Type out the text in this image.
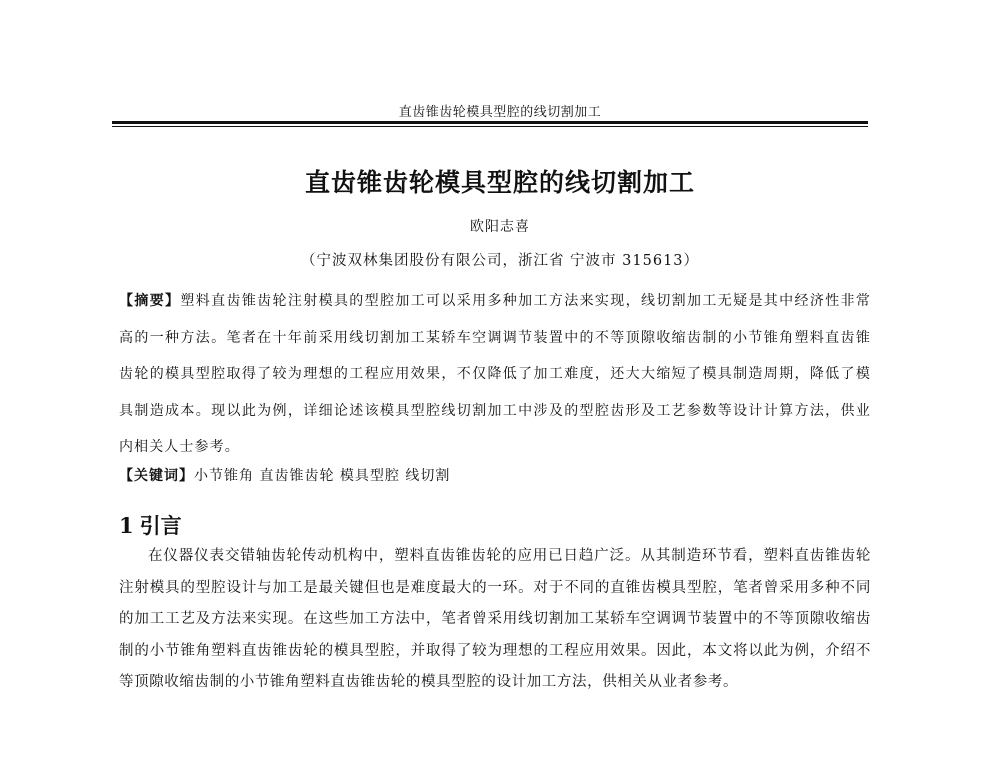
直齿锥齿轮模具型腔的线切割加工
直齿锥齿轮模具型腔的线切割加工
欧阳志喜
（宁波双林集团股份有限公司，浙江省 宁波市 315613）
【摘要】塑料直齿锥齿轮注射模具的型腔加工可以采用多种加工方法来实现，线切割加工无疑是其中经济性非常高的一种方法。笔者在十年前采用线切割加工某轿车空调调节装置中的不等顶隙收缩齿制的小节锥角塑料直齿锥齿轮的模具型腔取得了较为理想的工程应用效果，不仅降低了加工难度，还大大缩短了模具制造周期，降低了模具制造成本。现以此为例，详细论述该模具型腔线切割加工中涉及的型腔齿形及工艺参数等设计计算方法，供业内相关人士参考。
【关键词】小节锥角 直齿锥齿轮 模具型腔 线切割
1 引言
在仪器仪表交错轴齿轮传动机构中，塑料直齿锥齿轮的应用已日趋广泛。从其制造环节看，塑料直齿锥齿轮注射模具的型腔设计与加工是最关键但也是难度最大的一环。对于不同的直锥齿模具型腔，笔者曾采用多种不同的加工工艺及方法来实现。在这些加工方法中，笔者曾采用线切割加工某轿车空调调节装置中的不等顶隙收缩齿制的小节锥角塑料直齿锥齿轮的模具型腔，并取得了较为理想的工程应用效果。因此，本文将以此为例，介绍不等顶隙收缩齿制的小节锥角塑料直齿锥齿轮的模具型腔的设计加工方法，供相关从业者参考。
